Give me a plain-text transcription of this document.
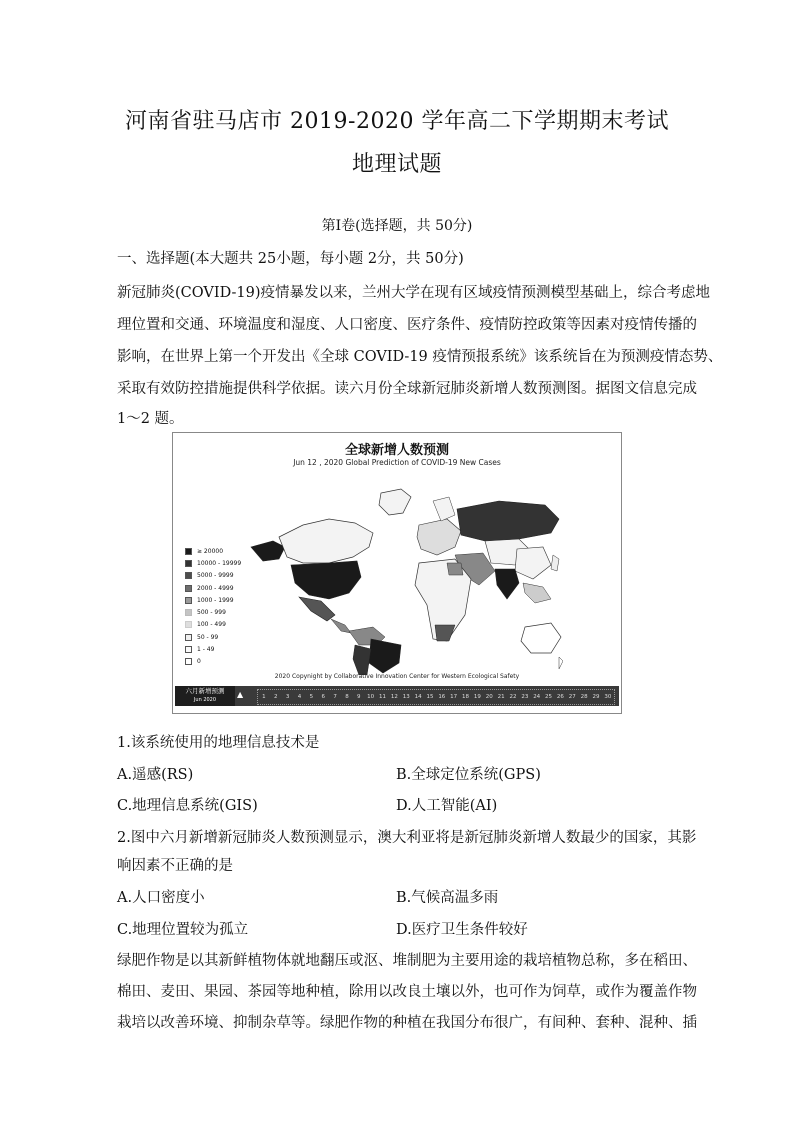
河南省驻马店市 2019-2020 学年高二下学期期末考试
地理试题
第Ⅰ卷(选择题，共 50分)
一、选择题(本大题共 25小题，每小题 2分，共 50分)
新冠肺炎(COVID-19)疫情暴发以来，兰州大学在现有区域疫情预测模型基础上，综合考虑地
理位置和交通、环境温度和湿度、人口密度、医疗条件、疫情防控政策等因素对疫情传播的
影响，在世界上第一个开发出《全球 COVID-19 疫情预报系统》该系统旨在为预测疫情态势、
采取有效防控措施提供科学依据。读六月份全球新冠肺炎新增人数预测图。据图文信息完成
1～2 题。
全球新增人数预测
Jun 12 , 2020 Global Prediction of COVID-19 New Cases
≥ 20000
10000 - 19999
5000 - 9999
2000 - 4999
1000 - 1999
500 - 999
100 - 499
50 - 99
1 - 49
0
2020 Copynight by Collaborative Innovation Center for Western Ecological Safety
六月新增预测
Jun 2020
▲	1	2	3	4	5	6	7	8	9	10 11 12 13 14 15 16 17 18 19 20 21 22 23 24 25 26 27 28 29 30
1.该系统使用的地理信息技术是
A.遥感(RS)	B.全球定位系统(GPS)
C.地理信息系统(GIS)	D.人工智能(AI)
2.图中六月新增新冠肺炎人数预测显示，澳大利亚将是新冠肺炎新增人数最少的国家，其影
响因素不正确的是
A.人口密度小	B.气候高温多雨
C.地理位置较为孤立	D.医疗卫生条件较好
绿肥作物是以其新鲜植物体就地翻压或沤、堆制肥为主要用途的栽培植物总称，多在稻田、
棉田、麦田、果园、茶园等地种植，除用以改良土壤以外，也可作为饲草，或作为覆盖作物
栽培以改善环境、抑制杂草等。绿肥作物的种植在我国分布很广，有间种、套种、混种、插
